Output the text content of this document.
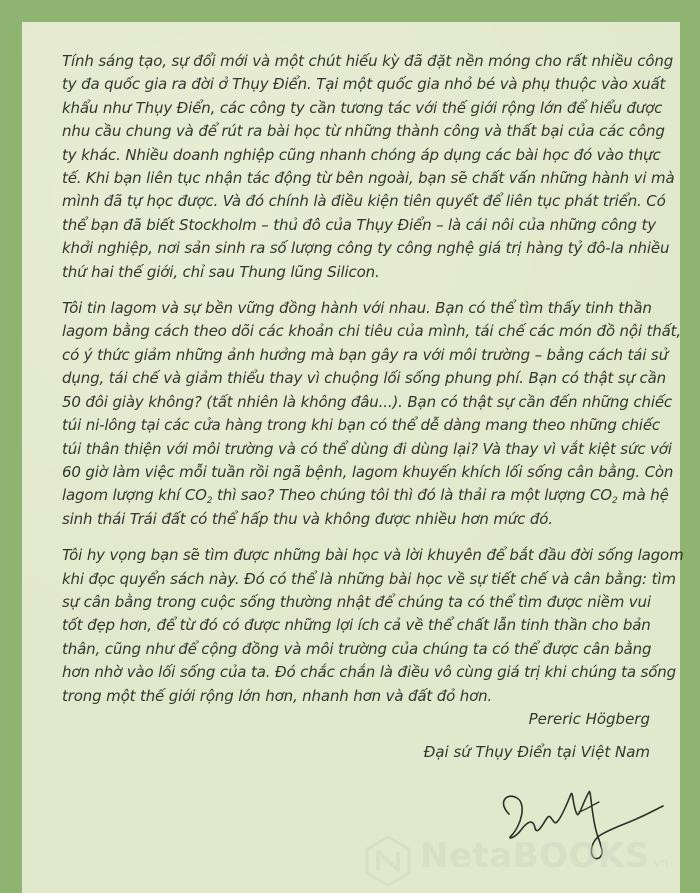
Tính sáng tạo, sự đổi mới và một chút hiếu kỳ đã đặt nền móng cho rất nhiều công
ty đa quốc gia ra đời ở Thụy Điển. Tại một quốc gia nhỏ bé và phụ thuộc vào xuất
khẩu như Thụy Điển, các công ty cần tương tác với thế giới rộng lớn để hiểu được
nhu cầu chung và để rút ra bài học từ những thành công và thất bại của các công
ty khác. Nhiều doanh nghiệp cũng nhanh chóng áp dụng các bài học đó vào thực
tế. Khi bạn liên tục nhận tác động từ bên ngoài, bạn sẽ chất vấn những hành vi mà
mình đã tự học được. Và đó chính là điều kiện tiên quyết để liên tục phát triển. Có
thể bạn đã biết Stockholm – thủ đô của Thụy Điển – là cái nôi của những công ty
khởi nghiệp, nơi sản sinh ra số lượng công ty công nghệ giá trị hàng tỷ đô-la nhiều
thứ hai thế giới, chỉ sau Thung lũng Silicon.
Tôi tin lagom và sự bền vững đồng hành với nhau. Bạn có thể tìm thấy tinh thần
lagom bằng cách theo dõi các khoản chi tiêu của mình, tái chế các món đồ nội thất,
có ý thức giảm những ảnh hưởng mà bạn gây ra với môi trường – bằng cách tái sử
dụng, tái chế và giảm thiểu thay vì chuộng lối sống phung phí. Bạn có thật sự cần
50 đôi giày không? (tất nhiên là không đâu...). Bạn có thật sự cần đến những chiếc
túi ni-lông tại các cửa hàng trong khi bạn có thể dễ dàng mang theo những chiếc
túi thân thiện với môi trường và có thể dùng đi dùng lại? Và thay vì vắt kiệt sức với
60 giờ làm việc mỗi tuần rồi ngã bệnh, lagom khuyến khích lối sống cân bằng. Còn
lagom lượng khí $CO_2$ thì sao? Theo chúng tôi thì đó là thải ra một lượng $CO_2$ mà hệ
sinh thái Trái đất có thể hấp thu và không được nhiều hơn mức đó.
Tôi hy vọng bạn sẽ tìm được những bài học và lời khuyên để bắt đầu đời sống lagom
khi đọc quyển sách này. Đó có thể là những bài học về sự tiết chế và cân bằng: tìm
sự cân bằng trong cuộc sống thường nhật để chúng ta có thể tìm được niềm vui
tốt đẹp hơn, để từ đó có được những lợi ích cả về thể chất lẫn tinh thần cho bản
thân, cũng như để cộng đồng và môi trường của chúng ta có thể được cân bằng
hơn nhờ vào lối sống của ta. Đó chắc chắn là điều vô cùng giá trị khi chúng ta sống
trong một thế giới rộng lớn hơn, nhanh hơn và đất đỏ hơn.
Pereric Högberg
Đại sứ Thụy Điển tại Việt Nam
NetaBOOKS.vn
